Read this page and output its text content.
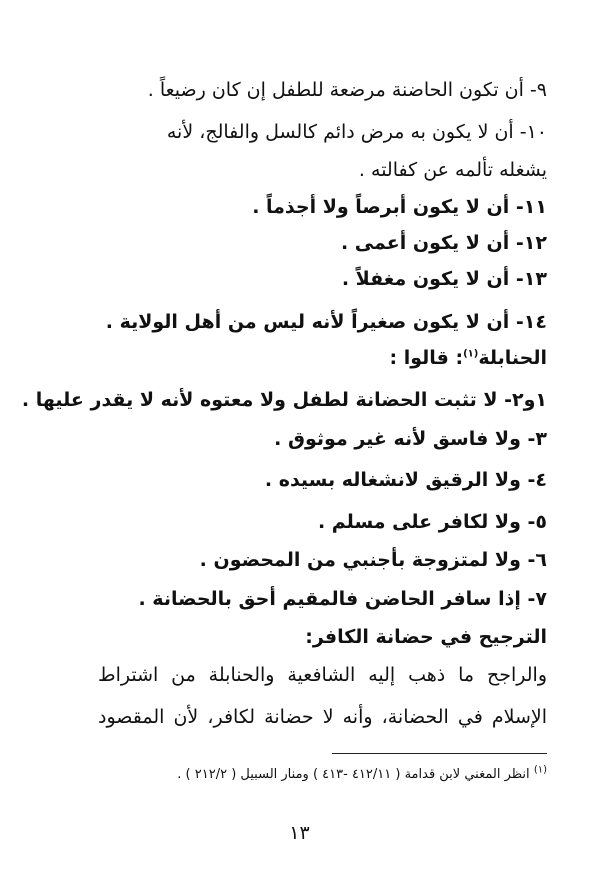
٩- أن تكون الحاضنة مرضعة للطفل إن كان رضيعاً .
١٠- أن لا يكون به مرض دائم كالسل والفالج، لأنه
يشغله تألمه عن كفالته .
١١- أن لا يكون أبرصاً ولا أجذماً .
١٢- أن لا يكون أعمى .
١٣- أن لا يكون مغفلاً .
١٤- أن لا يكون صغيراً لأنه ليس من أهل الولاية .
الحنابلة$^{(١)}$: قالوا :
١و٢- لا تثبت الحضانة لطفل ولا معتوه لأنه لا يقدر عليها .
٣- ولا فاسق لأنه غير موثوق .
٤- ولا الرقيق لانشغاله بسيده .
٥- ولا لكافر على مسلم .
٦- ولا لمتزوجة بأجنبي من المحضون .
٧- إذا سافر الحاضن فالمقيم أحق بالحضانة .
الترجيح في حضانة الكافر:
والراجح ما ذهب إليه الشافعية والحنابلة من اشتراط
الإسلام في الحضانة، وأنه لا حضانة لكافر، لأن المقصود
$^{(١)}$ انظر المغني لابن قدامة ( ٤١٢/١١ -٤١٣ ) ومنار السبيل ( ٢١٢/٢ ) .
١٣
